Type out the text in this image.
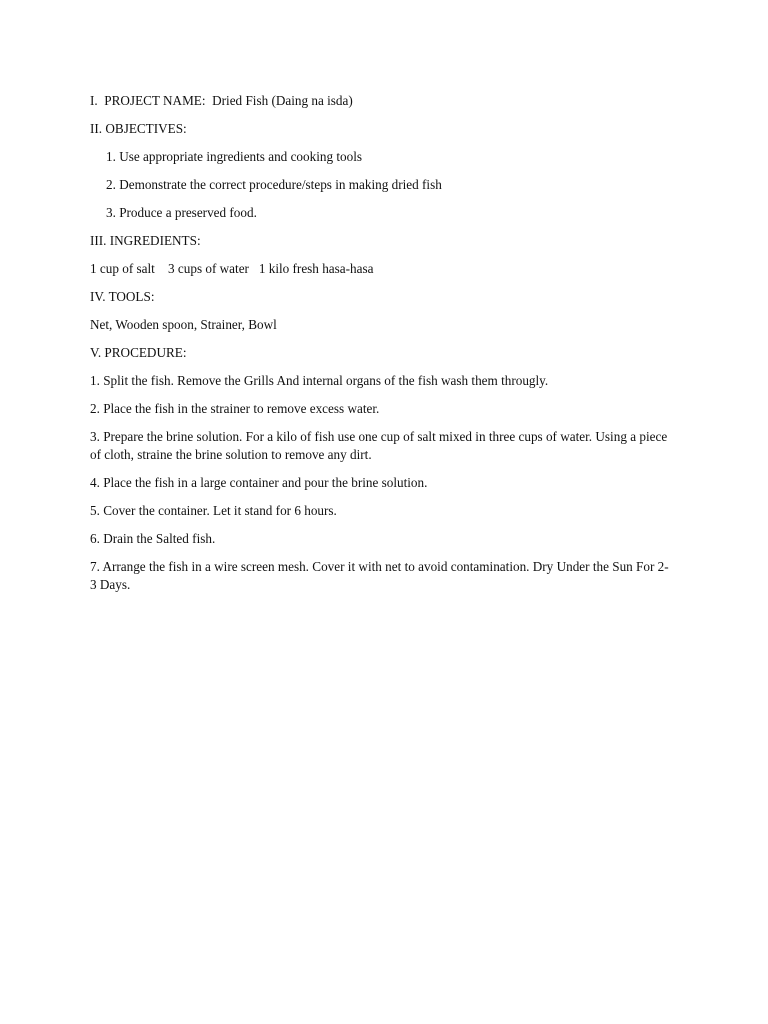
I.  PROJECT NAME:  Dried Fish (Daing na isda)

II. OBJECTIVES:

1. Use appropriate ingredients and cooking tools

2. Demonstrate the correct procedure/steps in making dried fish

3. Produce a preserved food.

III. INGREDIENTS:

1 cup of salt    3 cups of water   1 kilo fresh hasa-hasa

IV. TOOLS:

Net, Wooden spoon, Strainer, Bowl

V. PROCEDURE:

1. Split the fish. Remove the Grills And internal organs of the fish wash them througly.

2. Place the fish in the strainer to remove excess water.

3. Prepare the brine solution. For a kilo of fish use one cup of salt mixed in three cups of water. Using a piece of cloth, straine the brine solution to remove any dirt.

4. Place the fish in a large container and pour the brine solution.

5. Cover the container. Let it stand for 6 hours.

6. Drain the Salted fish.

7. Arrange the fish in a wire screen mesh. Cover it with net to avoid contamination. Dry Under the Sun For 2-3 Days.
